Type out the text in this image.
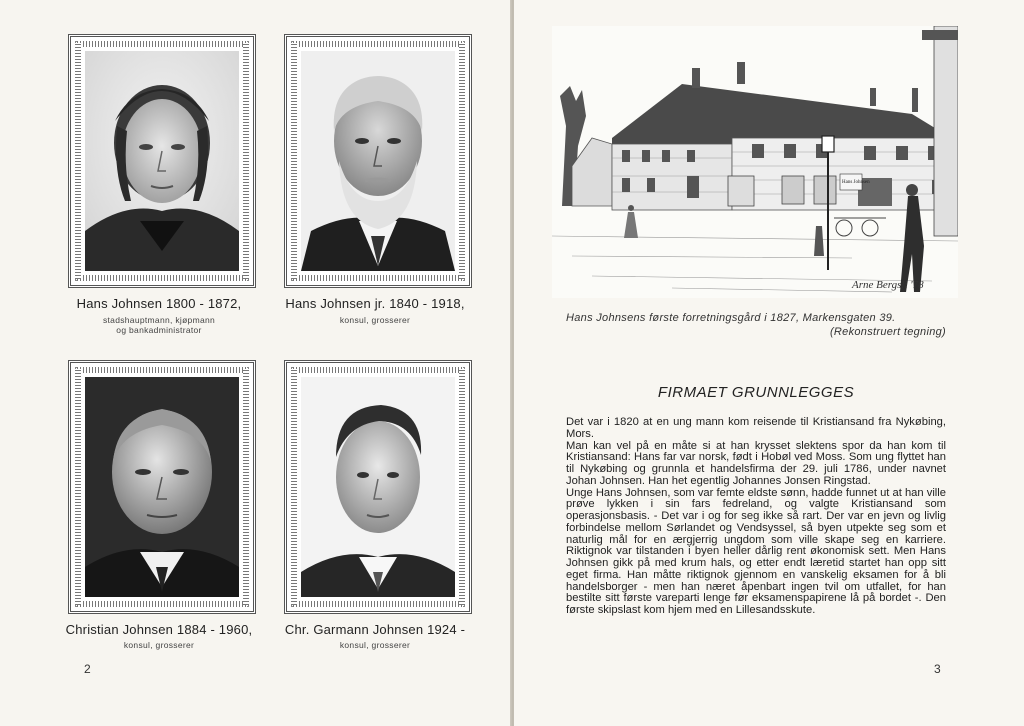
Hans Johnsen 1800 - 1872,
stadshauptmann, kjøpmann
og bankadministrator
Hans Johnsen jr. 1840 - 1918,
konsul, grosserer
Christian Johnsen 1884 - 1960,
konsul, grosserer
Chr. Garmann Johnsen 1924 -
konsul, grosserer
2
Hans Johnsen
Arne Bergsli '78
Hans Johnsens første forretningsgård i 1827, Markensgaten 39.
(Rekonstruert tegning)
FIRMAET GRUNNLEGGES

Det var i 1820 at en ung mann kom reisende til Kristiansand fra Nykøbing, Mors.

Man kan vel på en måte si at han krysset slektens spor da han kom til Kristiansand: Hans far var norsk, født i Hobøl ved Moss. Som ung flyttet han til Nykøbing og grunnla et handelsfirma der 29. juli 1786, under navnet Johan Johnsen. Han het egentlig Johannes Jonsen Ringstad.

Unge Hans Johnsen, som var femte eldste sønn, hadde funnet ut at han ville prøve lykken i sin fars fedreland, og valgte Kristiansand som operasjonsbasis. - Det var i og for seg ikke så rart. Der var en jevn og livlig forbindelse mellom Sørlandet og Vendsyssel, så byen utpekte seg som et naturlig mål for en ærgjerrig ungdom som ville skape seg en karriere. Riktignok var tilstanden i byen heller dårlig rent økonomisk sett. Men Hans Johnsen gikk på med krum hals, og etter endt læretid startet han opp sitt eget firma. Han måtte riktignok gjennom en vanskelig eksamen for å bli handelsborger - men han næret åpenbart ingen tvil om utfallet, for han bestilte sitt første vareparti lenge før eksamenspapirene lå på bordet -. Den første skipslast kom hjem med en Lillesandsskute.

3
